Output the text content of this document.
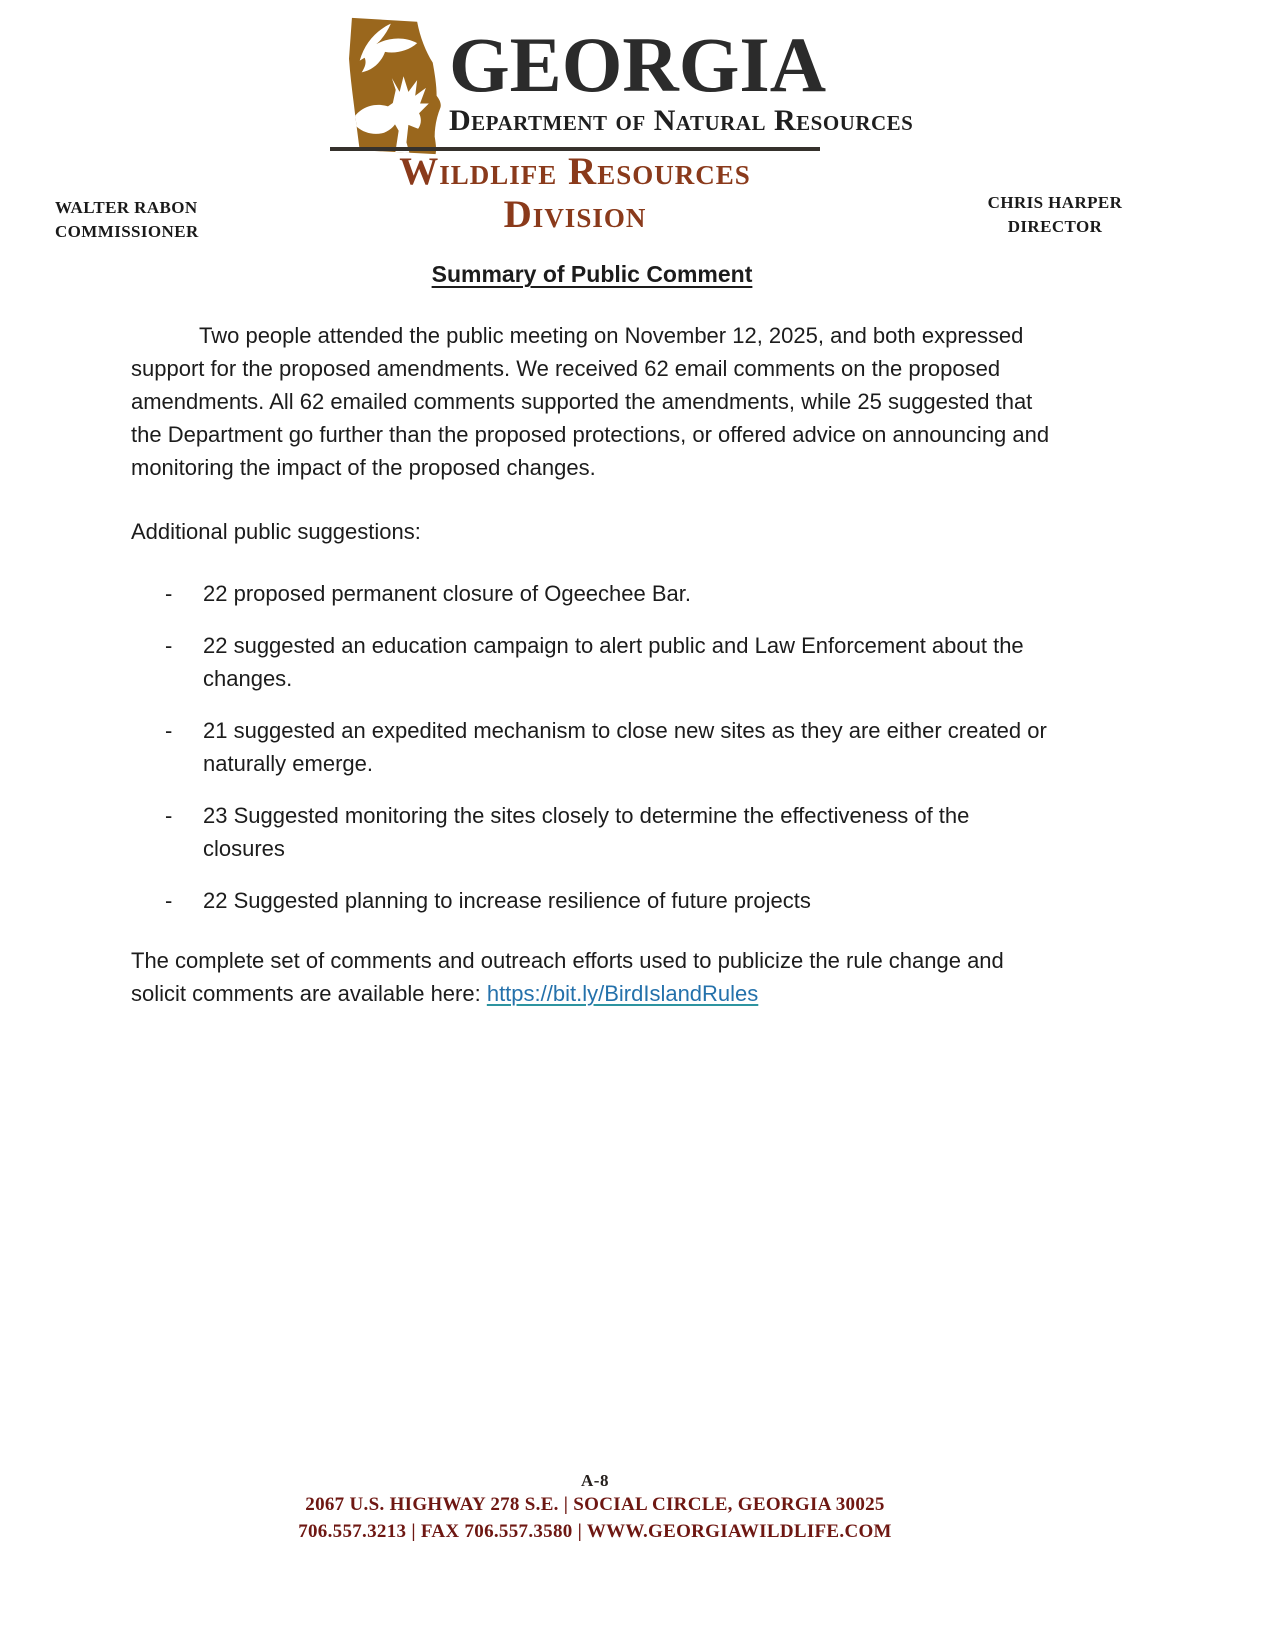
GEORGIA
Department of Natural Resources
Wildlife Resources Division
WALTER RABON
COMMISSIONER
CHRIS HARPER
DIRECTOR
Summary of Public Comment
Two people attended the public meeting on November 12, 2025, and both expressed support for the proposed amendments. We received 62 email comments on the proposed amendments. All 62 emailed comments supported the amendments, while 25 suggested that the Department go further than the proposed protections, or offered advice on announcing and monitoring the impact of the proposed changes.
Additional public suggestions:
-	22 proposed permanent closure of Ogeechee Bar.
-	22 suggested an education campaign to alert public and Law Enforcement about the changes.
-	21 suggested an expedited mechanism to close new sites as they are either created or naturally emerge.
-	23 Suggested monitoring the sites closely to determine the effectiveness of the closures
-	22 Suggested planning to increase resilience of future projects
The complete set of comments and outreach efforts used to publicize the rule change and solicit comments are available here: https://bit.ly/BirdIslandRules
A-8
2067 U.S. HIGHWAY 278 S.E. | SOCIAL CIRCLE, GEORGIA 30025
706.557.3213 | FAX 706.557.3580 | WWW.GEORGIAWILDLIFE.COM
